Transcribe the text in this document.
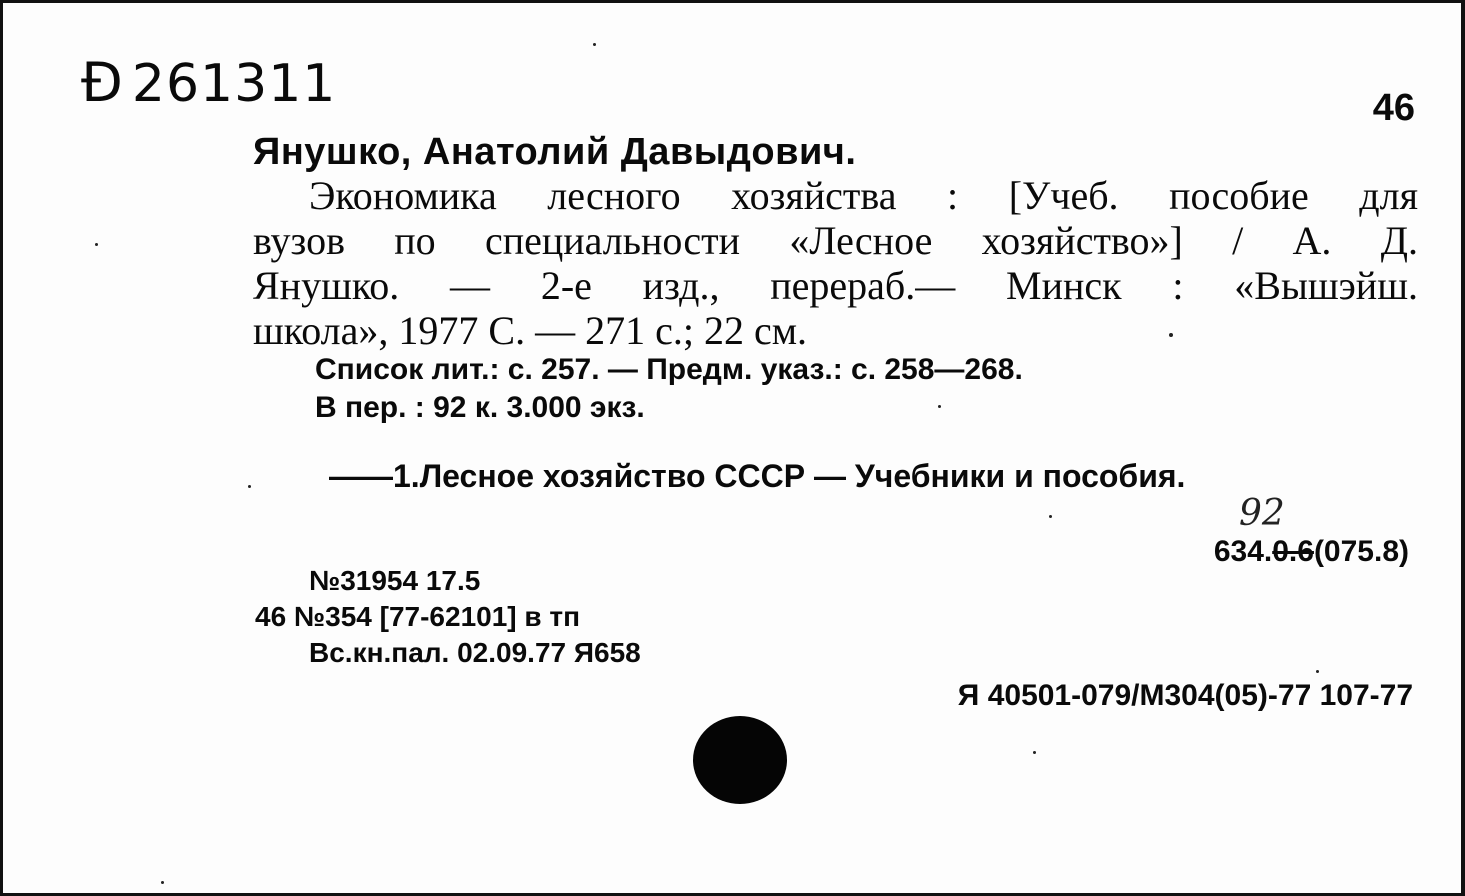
Ð 261311	46
Янушко, Анатолий Давыдович.
Экономика лесного хозяйства : [Учеб. пособие для
вузов по специальности «Лесное хозяйство»] / А. Д.
Янушко. — 2-е изд., перераб.— Минск : «Вышэйш.
школа», 1977 С. — 271 с.; 22 см.
Список лит.: с. 257. — Предм. указ.: с. 258—268.
В пер. : 92 к. 3.000 экз.
——1.Лесное хозяйство СССР — Учебники и пособия.
92
634.0.6(075.8)
№31954 17.5
46 №354 [77-62101] в тп
Вс.кн.пал. 02.09.77 Я658
Я 40501-079/М304(05)-77 107-77
